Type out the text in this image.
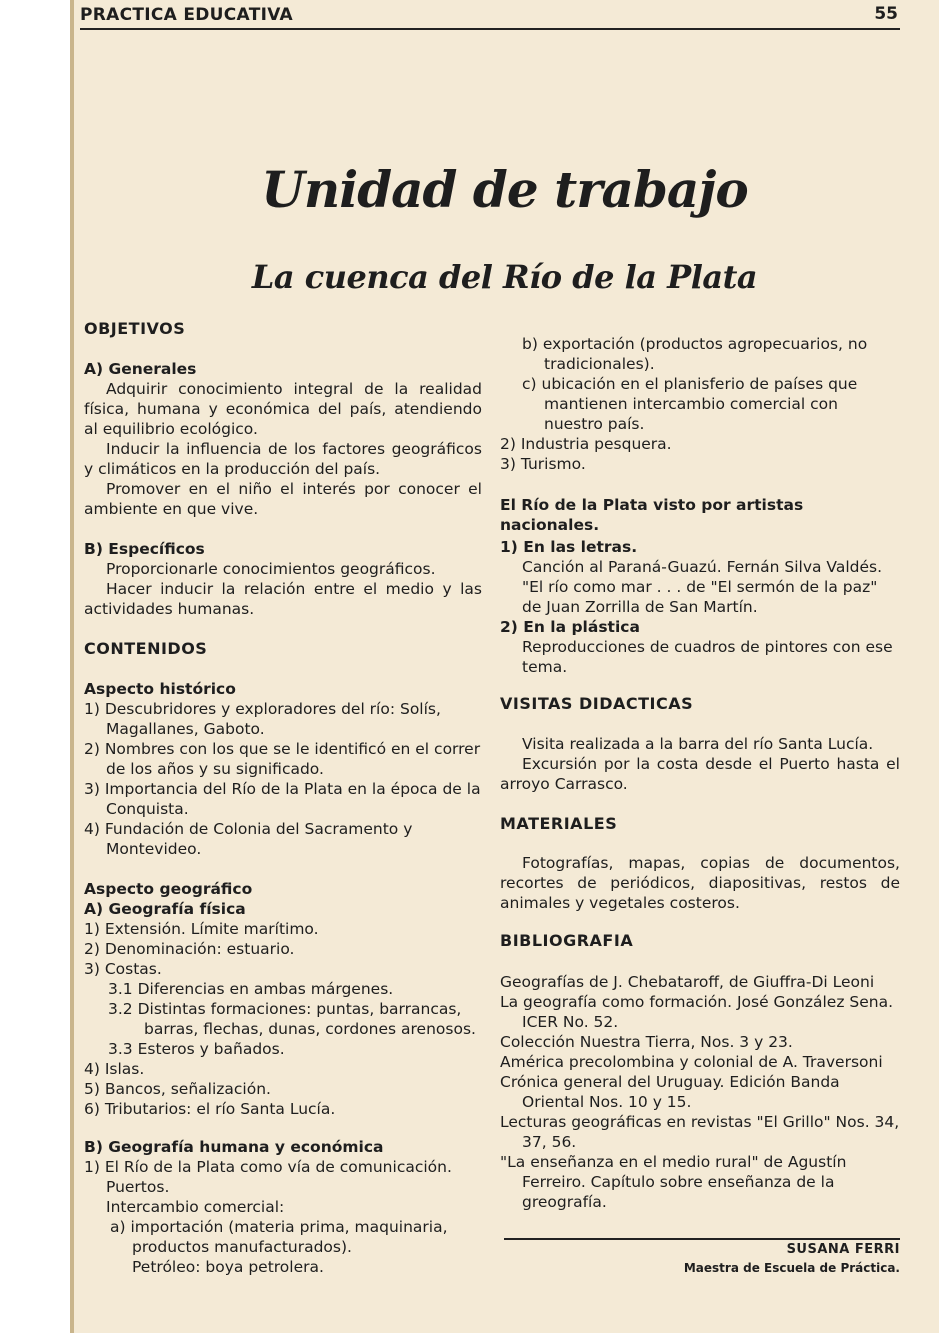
PRACTICA EDUCATIVA	55
Unidad de trabajo
La cuenca del Río de la Plata

OBJETIVOS

A) Generales

Adquirir conocimiento integral de la realidad física, humana y económica del país, atendiendo al equilibrio ecológico.

Inducir la influencia de los factores geográficos y climáticos en la producción del país.

Promover en el niño el interés por conocer el ambiente en que vive.

B) Específicos

Proporcionarle conocimientos geográficos.

Hacer inducir la relación entre el medio y las actividades humanas.

CONTENIDOS

Aspecto histórico

1) Descubridores y exploradores del río: Solís, Magallanes, Gaboto.

2) Nombres con los que se le identificó en el correr de los años y su significado.

3) Importancia del Río de la Plata en la época de la Conquista.

4) Fundación de Colonia del Sacramento y Montevideo.

Aspecto geográfico

A) Geografía física

1) Extensión. Límite marítimo.

2) Denominación: estuario.

3) Costas.

3.1 Diferencias en ambas márgenes.

3.2 Distintas formaciones: puntas, barrancas, barras, flechas, dunas, cordones arenosos.

3.3 Esteros y bañados.

4) Islas.

5) Bancos, señalización.

6) Tributarios: el río Santa Lucía.

B) Geografía humana y económica

1) El Río de la Plata como vía de comunicación. Puertos.

Intercambio comercial:

a) importación (materia prima, maquinaria, productos manufacturados).

Petróleo: boya petrolera.

b) exportación (productos agropecuarios, no tradicionales).

c) ubicación en el planisferio de países que mantienen intercambio comercial con nuestro país.

2) Industria pesquera.

3) Turismo.

El Río de la Plata visto por artistas nacionales.

1) En las letras.

Canción al Paraná-Guazú. Fernán Silva Valdés. "El río como mar . . . de "El sermón de la paz" de Juan Zorrilla de San Martín.

2) En la plástica

Reproducciones de cuadros de pintores con ese tema.

VISITAS DIDACTICAS

Visita realizada a la barra del río Santa Lucía.

Excursión por la costa desde el Puerto hasta el arroyo Carrasco.

MATERIALES

Fotografías, mapas, copias de documentos, recortes de periódicos, diapositivas, restos de animales y vegetales costeros.

BIBLIOGRAFIA

Geografías de J. Chebataroff, de Giuffra-Di Leoni

La geografía como formación. José González Sena. ICER No. 52.

Colección Nuestra Tierra, Nos. 3 y 23.

América precolombina y colonial de A. Traversoni

Crónica general del Uruguay. Edición Banda Oriental Nos. 10 y 15.

Lecturas geográficas en revistas "El Grillo" Nos. 34, 37, 56.

"La enseñanza en el medio rural" de Agustín Ferreiro. Capítulo sobre enseñanza de la greografía.

SUSANA FERRI
Maestra de Escuela de Práctica.
